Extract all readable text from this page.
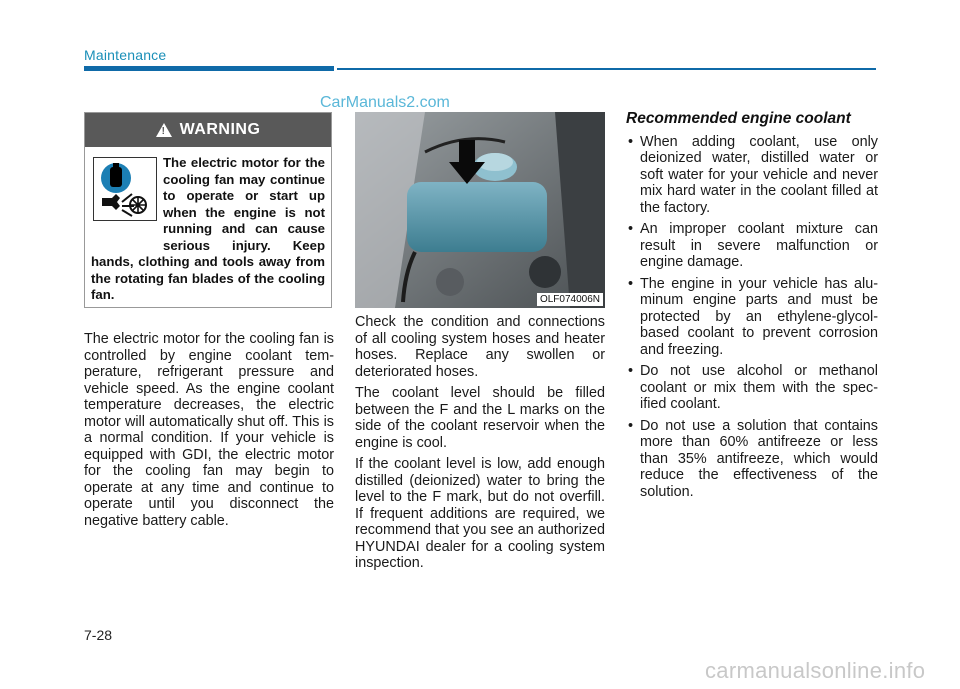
Maintenance
CarManuals2.com
! WARNING
The electric motor for the cooling fan may continue to operate or start up when the engine is not running and can cause serious injury. Keep hands, clothing and tools away from the rotating fan blades of the cooling fan.

The electric motor for the cooling fan is controlled by engine coolant tem-perature, refrigerant pressure and vehicle speed. As the engine coolant temperature decreases, the electric motor will automatically shut off. This is a normal condition. If your vehicle is equipped with GDI, the electric motor for the cooling fan may begin to operate at any time and continue to operate until you disconnect the negative battery cable.

OLF074006N

Check the condition and connections of all cooling system hoses and heater hoses. Replace any swollen or deteriorated hoses.

The coolant level should be filled between the F and the L marks on the side of the coolant reservoir when the engine is cool.

If the coolant level is low, add enough distilled (deionized) water to bring the level to the F mark, but do not overfill. If frequent additions are required, we recommend that you see an authorized HYUNDAI dealer for a cooling system inspection.

Recommended engine coolant
• When adding coolant, use only deionized water, distilled water or soft water for your vehicle and never mix hard water in the coolant filled at the factory.
• An improper coolant mixture can result in severe malfunction or engine damage.
• The engine in your vehicle has alu-minum engine parts and must be protected by an ethylene-glycol-based coolant to prevent corrosion and freezing.
• Do not use alcohol or methanol coolant or mix them with the spec-ified coolant.
• Do not use a solution that contains more than 60% antifreeze or less than 35% antifreeze, which would reduce the effectiveness of the solution.
7-28
carmanualsonline.info
